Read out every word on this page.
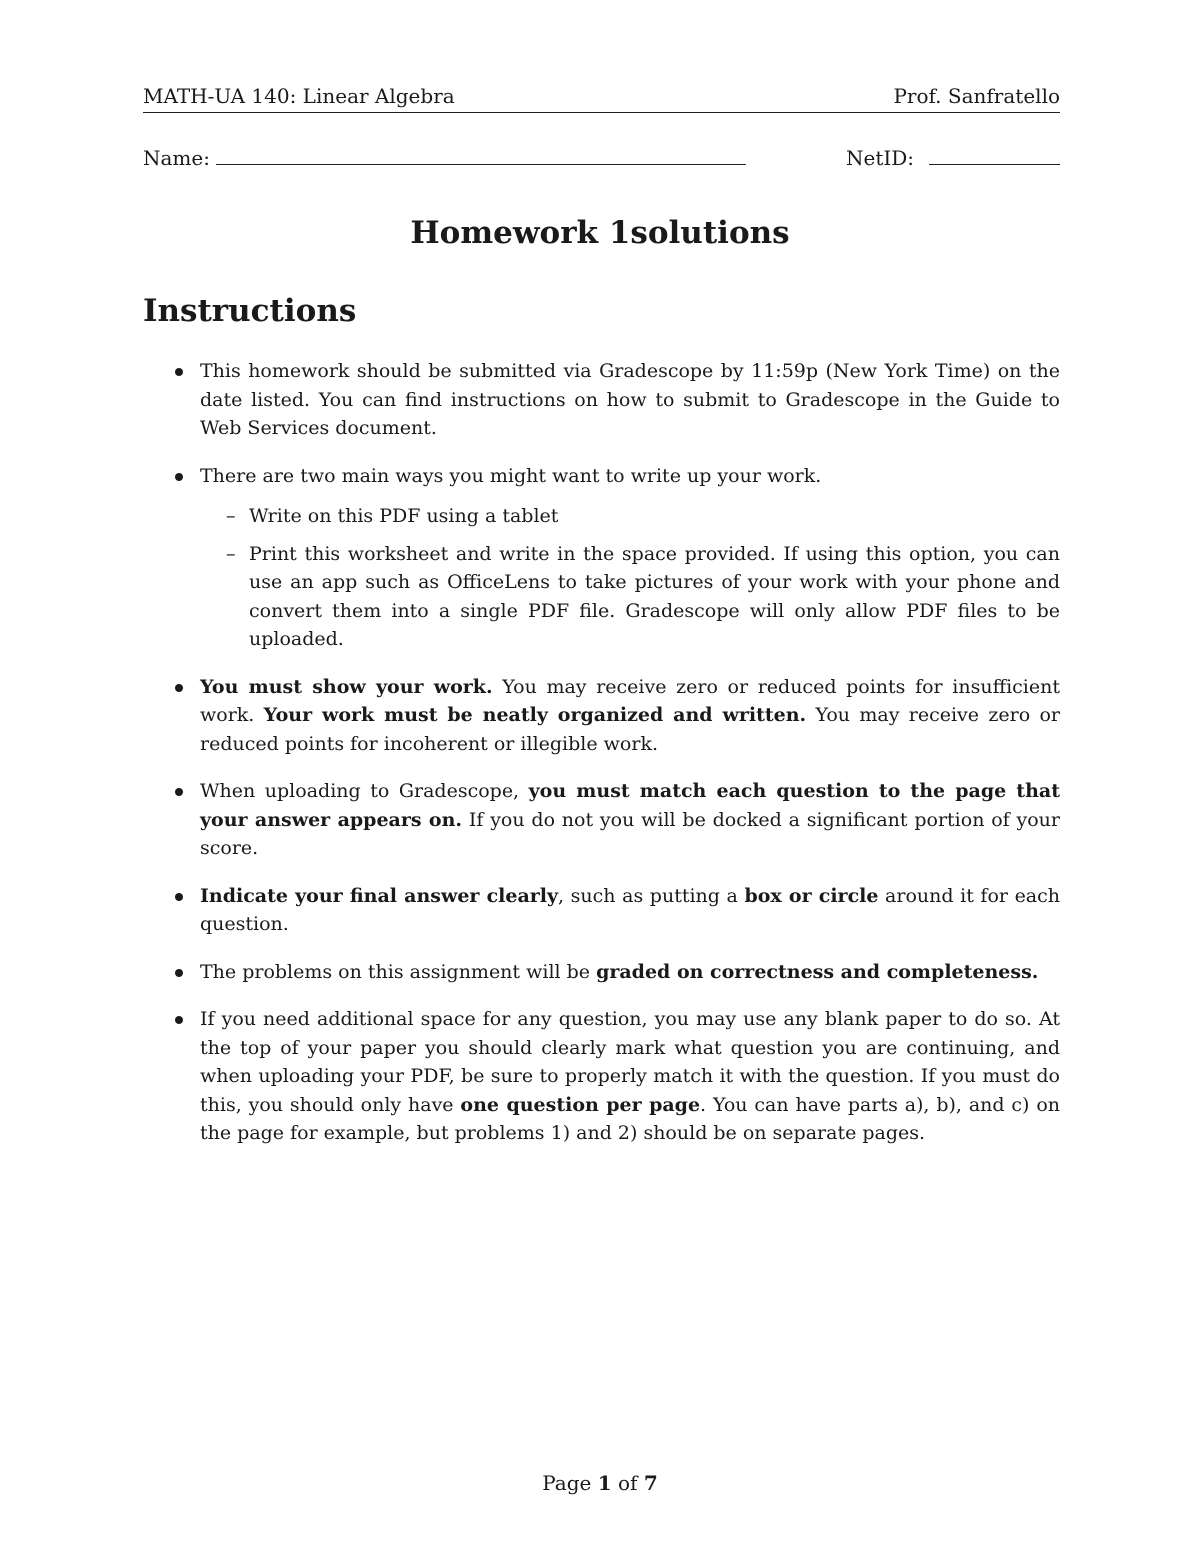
MATH-UA 140: Linear Algebra	Prof. Sanfratello
Name:	NetID:
Homework 1solutions
Instructions
This homework should be submitted via Gradescope by 11:59p (New York Time) on the date listed. You can find instructions on how to submit to Gradescope in the Guide to Web Services document.
There are two main ways you might want to write up your work.
– Write on this PDF using a tablet
– Print this worksheet and write in the space provided. If using this option, you can use an app such as OfficeLens to take pictures of your work with your phone and convert them into a single PDF file. Gradescope will only allow PDF files to be uploaded.
You must show your work. You may receive zero or reduced points for insufficient work. Your work must be neatly organized and written. You may receive zero or reduced points for incoherent or illegible work.
When uploading to Gradescope, you must match each question to the page that your answer appears on. If you do not you will be docked a significant portion of your score.
Indicate your final answer clearly, such as putting a box or circle around it for each question.
The problems on this assignment will be graded on correctness and completeness.
If you need additional space for any question, you may use any blank paper to do so. At the top of your paper you should clearly mark what question you are continuing, and when uploading your PDF, be sure to properly match it with the question. If you must do this, you should only have one question per page. You can have parts a), b), and c) on the page for example, but problems 1) and 2) should be on separate pages.
Page 1 of 7
